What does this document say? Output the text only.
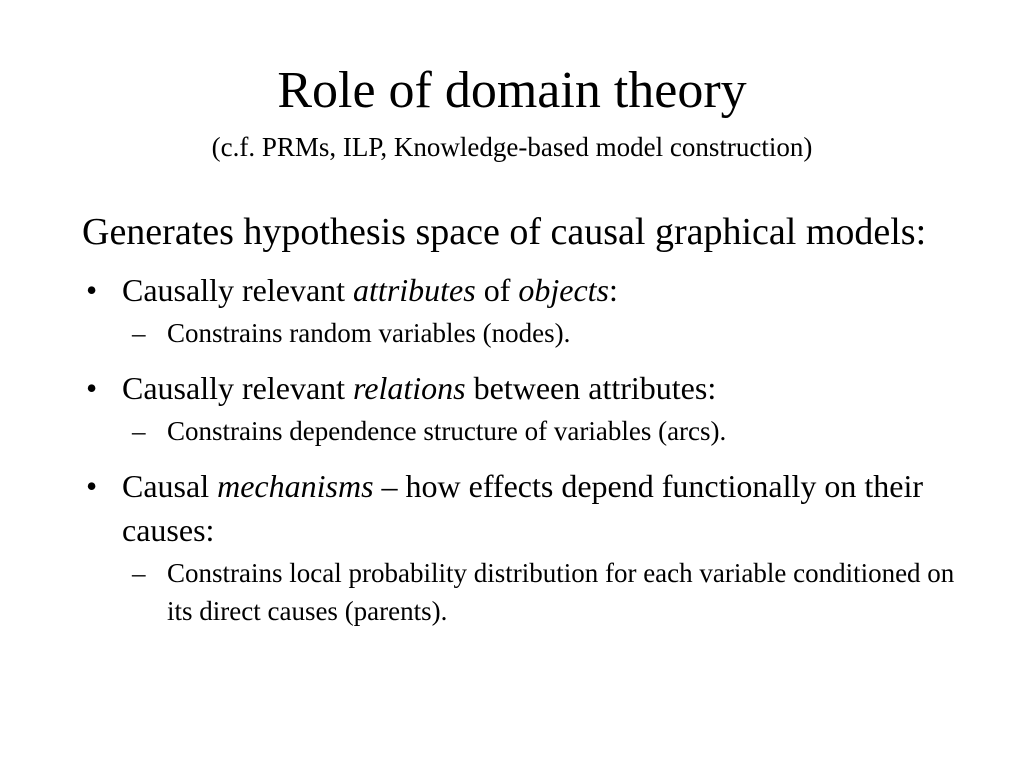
Role of domain theory
(c.f. PRMs, ILP, Knowledge-based model construction)

Generates hypothesis space of causal graphical models:

• Causally relevant attributes of objects:

– Constrains random variables (nodes).

• Causally relevant relations between attributes:

– Constrains dependence structure of variables (arcs).

• Causal mechanisms – how effects depend functionally on their causes:

– Constrains local probability distribution for each variable conditioned on its direct causes (parents).
